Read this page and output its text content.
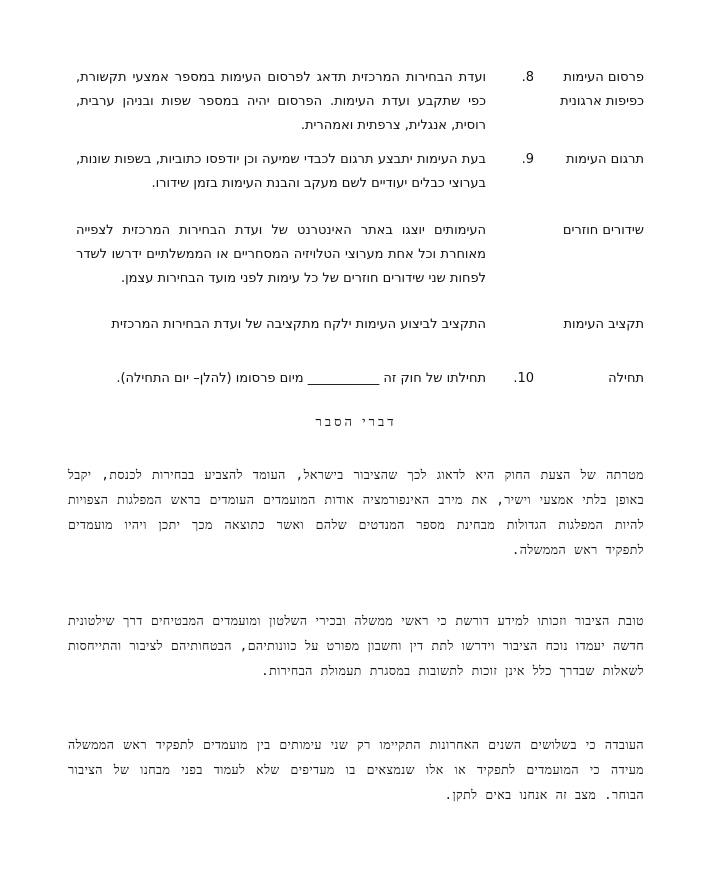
פרסום העימות כפיפות ארגונית
8.
ועדת הבחירות המרכזית תדאג לפרסום העימות במספר אמצעי תקשורת, כפי שתקבע ועדת העימות. הפרסום יהיה במספר שפות ובניהן ערבית, רוסית, אנגלית, צרפתית ואמהרית.
תרגום העימות
9.
בעת העימות יתבצע תרגום לכבדי שמיעה וכן יודפסו כתוביות, בשפות שונות, בערוצי כבלים יעודיים לשם מעקב והבנת העימות בזמן שידורו.
שידורים חוזרים
העימותים יוצגו באתר האינטרנט של ועדת הבחירות המרכזית לצפייה מאוחרת וכל אחת מערוצי הטלויזיה המסחריים או הממשלתיים ידרשו לשדר לפחות שני שידורים חוזרים של כל עימות לפני מועד הבחירות עצמן.
תקציב העימות
התקציב לביצוע העימות ילקח מתקציבה של ועדת הבחירות המרכזית
תחילה
10.
תחילתו של חוק זה ___________ מיום פרסומו (להלן– יום התחילה).
דברי הסבר
מטרתה של הצעת החוק היא לדאוג לכך שהציבור בישראל, העומד להצביע בבחירות לכנסת, יקבל באופן בלתי אמצעי וישיר, את מירב האינפורמציה אודות המועמדים העומדים בראש המפלגות הצפויות להיות המפלגות הגדולות מבחינת מספר המנדטים שלהם ואשר כתוצאה מכך יתכן ויהיו מועמדים לתפקיד ראש הממשלה.
טובת הציבור וזכותו למידע דורשת כי ראשי ממשלה ובכירי השלטון ומועמדים המבטיחים דרך שילטונית חדשה יעמדו נוכח הציבור וידרשו לתת דין וחשבון מפורט על כוונותיהם, הבטחותיהם לציבור והתייחסות לשאלות שבדרך כלל אינן זוכות לתשובות במסגרת תעמולת הבחירות.
העובדה כי בשלושים השנים האחרונות התקיימו רק שני עימותים בין מועמדים לתפקיד ראש הממשלה מעידה כי המועמדים לתפקיד או אלו שנמצאים בו מעדיפים שלא לעמוד בפני מבחנו של הציבור הבוחר. מצב זה אנחנו באים לתקן.
